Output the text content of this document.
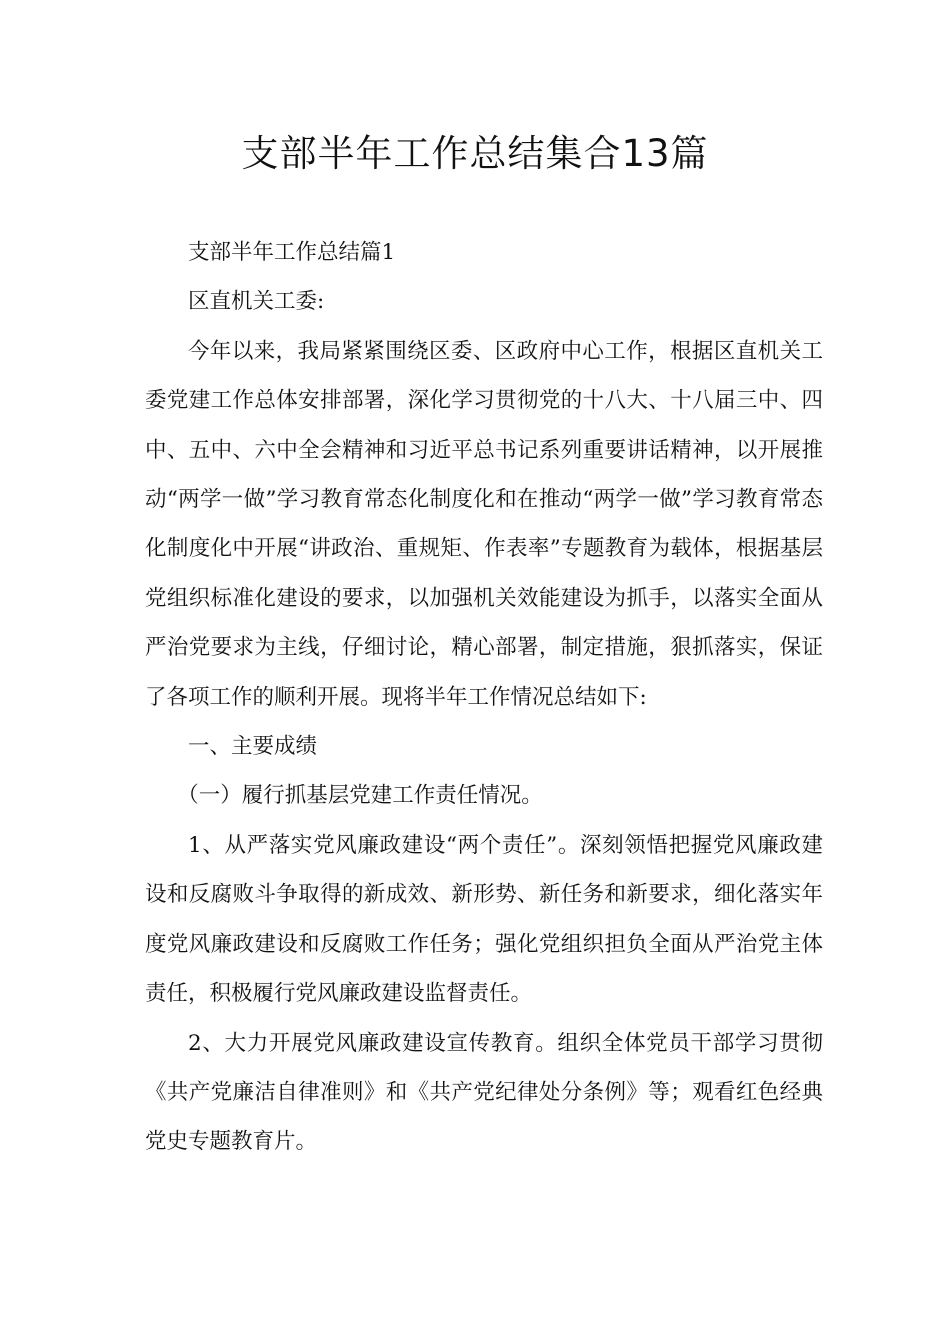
支部半年工作总结集合13篇

支部半年工作总结篇1

区直机关工委:

今年以来，我局紧紧围绕区委、区政府中心工作，根据区直机关工委党建工作总体安排部署，深化学习贯彻党的十八大、十八届三中、四中、五中、六中全会精神和习近平总书记系列重要讲话精神，以开展推动“两学一做”学习教育常态化制度化和在推动“两学一做”学习教育常态化制度化中开展“讲政治、重规矩、作表率”专题教育为载体，根据基层党组织标准化建设的要求，以加强机关效能建设为抓手，以落实全面从严治党要求为主线，仔细讨论，精心部署，制定措施，狠抓落实，保证了各项工作的顺利开展。现将半年工作情况总结如下:

一、主要成绩

（一）履行抓基层党建工作责任情况。

1、从严落实党风廉政建设“两个责任”。深刻领悟把握党风廉政建设和反腐败斗争取得的新成效、新形势、新任务和新要求，细化落实年度党风廉政建设和反腐败工作任务；强化党组织担负全面从严治党主体责任，积极履行党风廉政建设监督责任。

2、大力开展党风廉政建设宣传教育。组织全体党员干部学习贯彻《共产党廉洁自律准则》和《共产党纪律处分条例》等；观看红色经典党史专题教育片。
